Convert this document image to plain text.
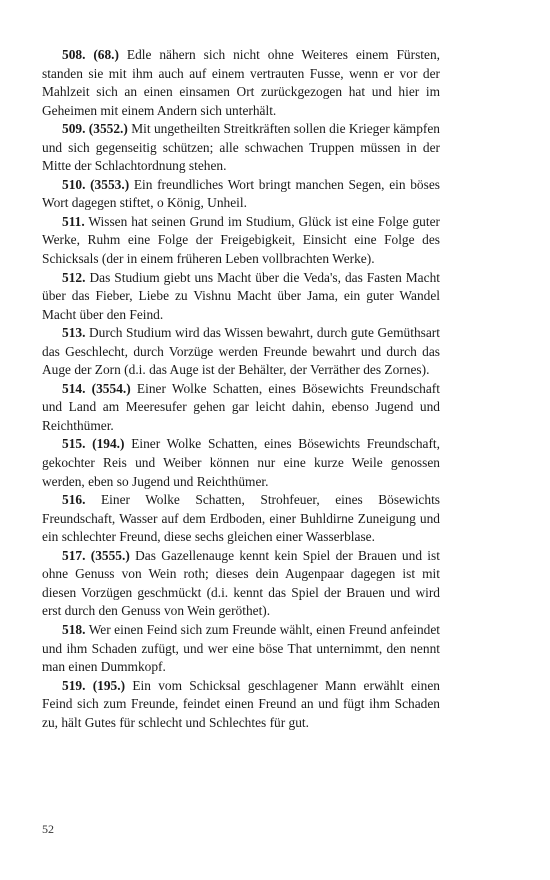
508. (68.) Edle nähern sich nicht ohne Weiteres einem Fürsten, standen sie mit ihm auch auf einem vertrauten Fusse, wenn er vor der Mahlzeit sich an einen einsamen Ort zurückgezogen hat und hier im Geheimen mit einem Andern sich unterhält.

509. (3552.) Mit ungetheilten Streitkräften sollen die Krieger kämpfen und sich gegenseitig schützen; alle schwachen Truppen müssen in der Mitte der Schlachtordnung stehen.

510. (3553.) Ein freundliches Wort bringt manchen Segen, ein böses Wort dagegen stiftet, o König, Unheil.

511. Wissen hat seinen Grund im Studium, Glück ist eine Folge guter Werke, Ruhm eine Folge der Freigebigkeit, Einsicht eine Folge des Schicksals (der in einem früheren Leben vollbrachten Werke).

512. Das Studium giebt uns Macht über die Veda's, das Fasten Macht über das Fieber, Liebe zu Vishnu Macht über Jama, ein guter Wandel Macht über den Feind.

513. Durch Studium wird das Wissen bewahrt, durch gute Gemüthsart das Geschlecht, durch Vorzüge werden Freunde bewahrt und durch das Auge der Zorn (d.i. das Auge ist der Behälter, der Verräther des Zornes).

514. (3554.) Einer Wolke Schatten, eines Bösewichts Freundschaft und Land am Meeresufer gehen gar leicht dahin, ebenso Jugend und Reichthümer.

515. (194.) Einer Wolke Schatten, eines Bösewichts Freundschaft, gekochter Reis und Weiber können nur eine kurze Weile genossen werden, eben so Jugend und Reichthümer.

516. Einer Wolke Schatten, Strohfeuer, eines Bösewichts Freundschaft, Wasser auf dem Erdboden, einer Buhldirne Zuneigung und ein schlechter Freund, diese sechs gleichen einer Wasserblase.

517. (3555.) Das Gazellenauge kennt kein Spiel der Brauen und ist ohne Genuss von Wein roth; dieses dein Augenpaar dagegen ist mit diesen Vorzügen geschmückt (d.i. kennt das Spiel der Brauen und wird erst durch den Genuss von Wein geröthet).

518. Wer einen Feind sich zum Freunde wählt, einen Freund anfeindet und ihm Schaden zufügt, und wer eine böse That unternimmt, den nennt man einen Dummkopf.

519. (195.) Ein vom Schicksal geschlagener Mann erwählt einen Feind sich zum Freunde, feindet einen Freund an und fügt ihm Schaden zu, hält Gutes für schlecht und Schlechtes für gut.

52
